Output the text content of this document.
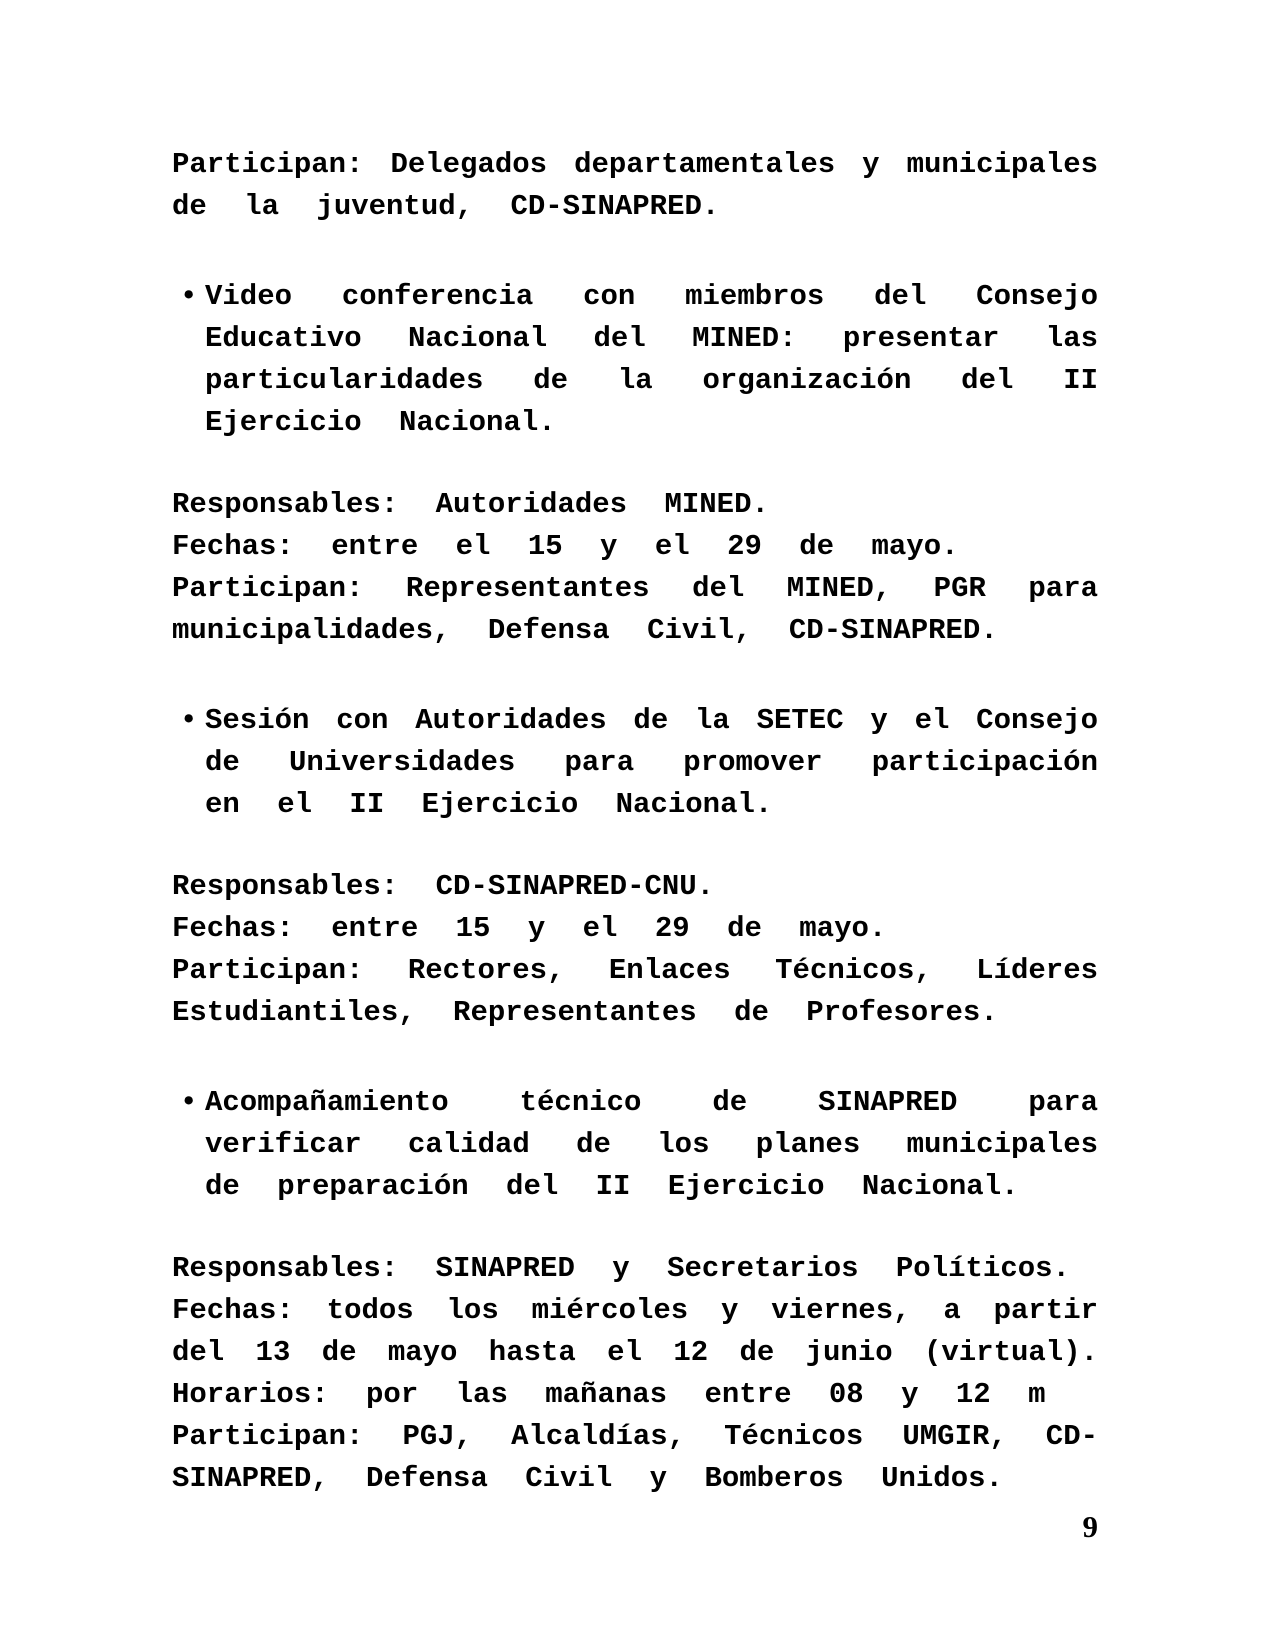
Participan: Delegados departamentales y municipales
de la juventud, CD-SINAPRED.
• Video conferencia con miembros del Consejo
Educativo Nacional del MINED: presentar las
particularidades de la organización del II
Ejercicio Nacional.

Responsables: Autoridades MINED.

Fechas: entre el 15 y el 29 de mayo.

Participan: Representantes del MINED, PGR para
municipalidades, Defensa Civil, CD-SINAPRED.

• Sesión con Autoridades de la SETEC y el Consejo
de Universidades para promover participación
en el II Ejercicio Nacional.

Responsables: CD-SINAPRED-CNU.

Fechas: entre 15 y el 29 de mayo.

Participan: Rectores, Enlaces Técnicos, Líderes
Estudiantiles, Representantes de Profesores.

• Acompañamiento técnico de SINAPRED para
verificar calidad de los planes municipales
de preparación del II Ejercicio Nacional.

Responsables: SINAPRED y Secretarios Políticos.

Fechas: todos los miércoles y viernes, a partir
del 13 de mayo hasta el 12 de junio (virtual).

Horarios: por las mañanas entre 08 y 12 m

Participan: PGJ, Alcaldías, Técnicos UMGIR, CD-
SINAPRED, Defensa Civil y Bomberos Unidos.

9
